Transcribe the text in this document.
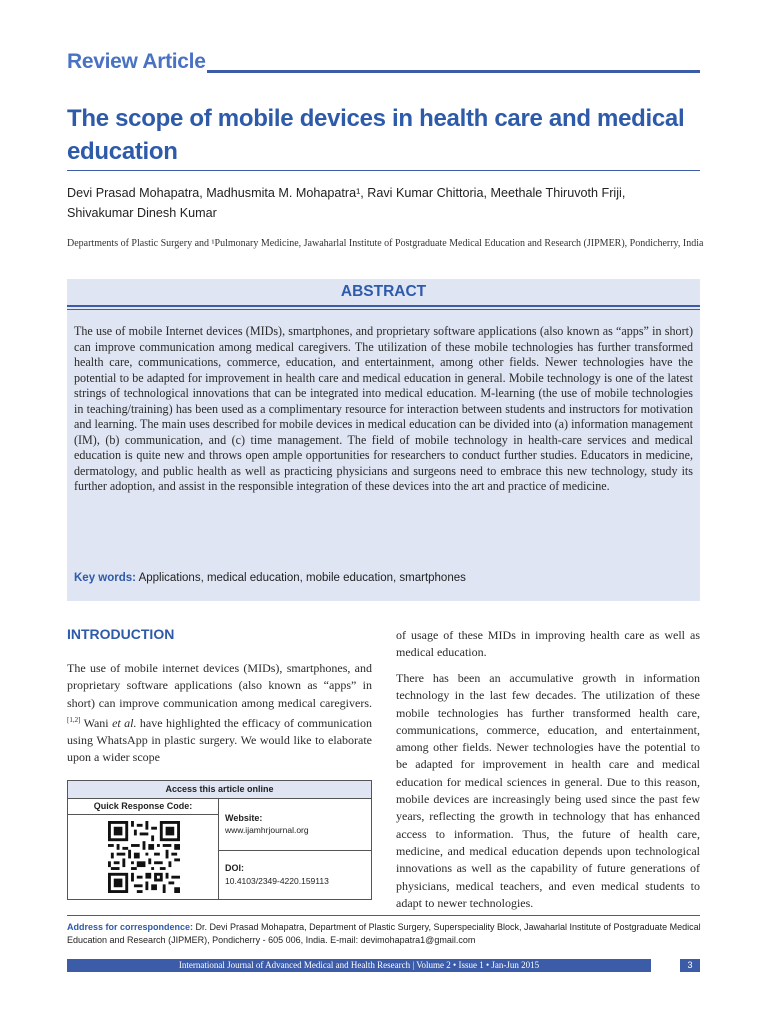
Review Article
The scope of mobile devices in health care and medical education
Devi Prasad Mohapatra, Madhusmita M. Mohapatra¹, Ravi Kumar Chittoria, Meethale Thiruvoth Friji,
Shivakumar Dinesh Kumar
Departments of Plastic Surgery and ¹Pulmonary Medicine, Jawaharlal Institute of Postgraduate Medical Education and Research (JIPMER), Pondicherry, India
ABSTRACT
The use of mobile Internet devices (MIDs), smartphones, and proprietary software applications (also known as “apps” in short) can improve communication among medical caregivers. The utilization of these mobile technologies has further transformed health care, communications, commerce, education, and entertainment, among other fields. Newer technologies have the potential to be adapted for improvement in health care and medical education in general. Mobile technology is one of the latest strings of technological innovations that can be integrated into medical education. M-learning (the use of mobile technologies in teaching/training) has been used as a complimentary resource for interaction between students and instructors for motivation and learning. The main uses described for mobile devices in medical education can be divided into (a) information management (IM), (b) communication, and (c) time management. The field of mobile technology in health-care services and medical education is quite new and throws open ample opportunities for researchers to conduct further studies. Educators in medicine, dermatology, and public health as well as practicing physicians and surgeons need to embrace this new technology, study its further adoption, and assist in the responsible integration of these devices into the art and practice of medicine.
Key words: Applications, medical education, mobile education, smartphones
INTRODUCTION
The use of mobile internet devices (MIDs), smartphones, and proprietary software applications (also known as “apps” in short) can improve communication among medical caregivers.[1,2] Wani et al. have highlighted the efficacy of communication using WhatsApp in plastic surgery. We would like to elaborate upon a wider scope
of usage of these MIDs in improving health care as well as medical education.
There has been an accumulative growth in information technology in the last few decades. The utilization of these mobile technologies has further transformed health care, communications, commerce, education, and entertainment, among other fields. Newer technologies have the potential to be adapted for improvement in health care and medical education for medical sciences in general. Due to this reason, mobile devices are increasingly being used since the past few years, reflecting the growth in technology that has enhanced access to information. Thus, the future of health care, medicine, and medical education depends upon technological innovations as well as the capability of future generations of physicians, medical teachers, and even medical students to adapt to newer technologies.
Access this article online
Quick Response Code:
Website:
www.ijamhrjournal.org
DOI:
10.4103/2349-4220.159113
Address for correspondence: Dr. Devi Prasad Mohapatra, Department of Plastic Surgery, Superspeciality Block, Jawaharlal Institute of Postgraduate Medical Education and Research (JIPMER), Pondicherry - 605 006, India. E-mail: devimohapatra1@gmail.com
International Journal of Advanced Medical and Health Research | Volume 2 • Issue 1 • Jan-Jun 2015	3
